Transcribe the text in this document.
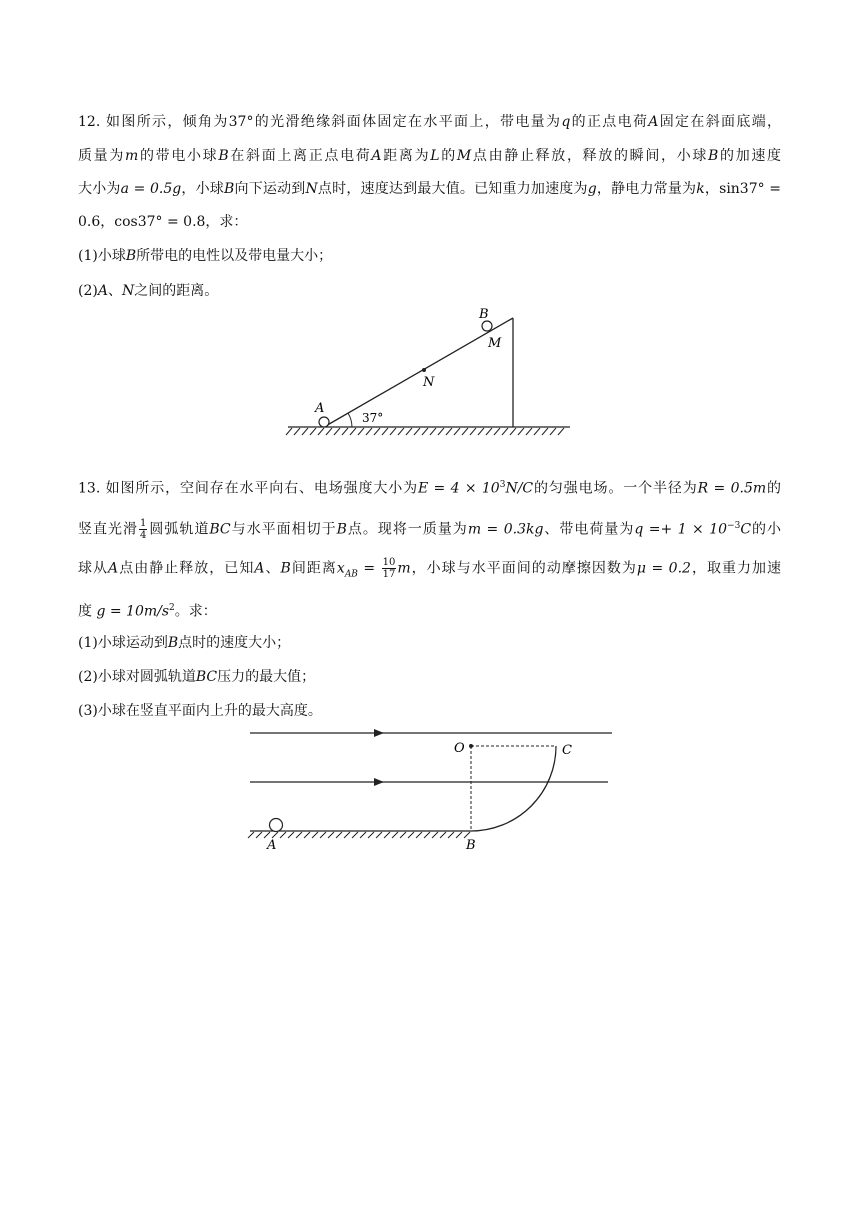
12. 如图所示，倾角为37°的光滑绝缘斜面体固定在水平面上，带电量为q的正点电荷A固定在斜面底端，
质量为m的带电小球B在斜面上离正点电荷A距离为L的M点由静止释放，释放的瞬间，小球B的加速度
大小为a = 0.5g，小球B向下运动到N点时，速度达到最大值。已知重力加速度为g，静电力常量为k，sin37° =
0.6，cos37° = 0.8，求：
(1)小球B所带电的电性以及带电量大小；
(2)A、N之间的距离。
37°
A
N
B
M
13. 如图所示，空间存在水平向右、电场强度大小为$E = 4 \times 10^3N/C$的匀强电场。一个半径为R = 0.5m的
竖直光滑 $\frac{1}{4}$ 圆弧轨道BC与水平面相切于B点。现将一质量为m = 0.3kg、带电荷量为$q =+ 1 \times 10^{-3}C$的小
球从A点由静止释放，已知A、B间距离$x_{AB} = \frac{10}{17}$ m，小球与水平面间的动摩擦因数为μ = 0.2，取重力加速
度 $g = 10m/s^2$。求：
(1)小球运动到B点时的速度大小；
(2)小球对圆弧轨道BC压力的最大值；
(3)小球在竖直平面内上升的最大高度。
O	C
A	B
